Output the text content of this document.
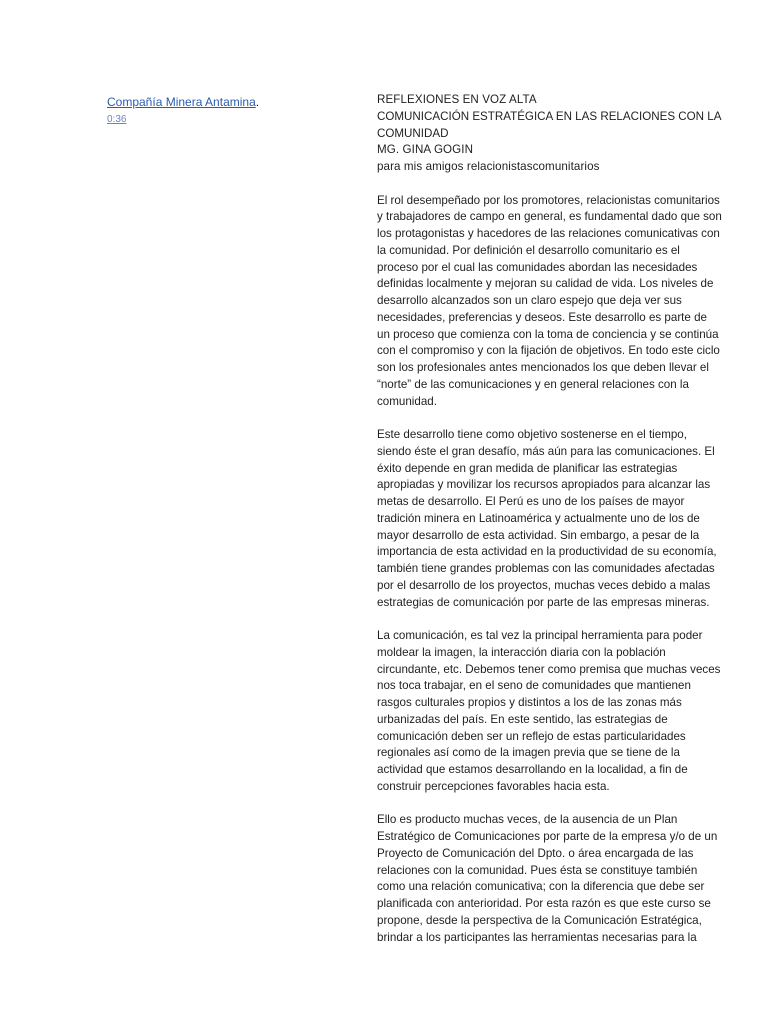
Compañía Minera Antamina.
0:36
REFLEXIONES EN VOZ ALTA
COMUNICACIÓN ESTRATÉGICA EN LAS RELACIONES CON LA COMUNIDAD
MG. GINA GOGIN
para mis amigos relacionistascomunitarios

El rol desempeñado por los promotores, relacionistas comunitarios y trabajadores de campo en general, es fundamental dado que son los protagonistas y hacedores de las relaciones comunicativas con la comunidad. Por definición el desarrollo comunitario es el proceso por el cual las comunidades abordan las necesidades definidas localmente y mejoran su calidad de vida. Los niveles de desarrollo alcanzados son un claro espejo que deja ver sus necesidades, preferencias y deseos. Este desarrollo es parte de un proceso que comienza con la toma de conciencia y se continúa con el compromiso y con la fijación de objetivos. En todo este ciclo son los profesionales antes mencionados los que deben llevar el “norte” de las comunicaciones y en general relaciones con la comunidad.

Este desarrollo tiene como objetivo sostenerse en el tiempo, siendo éste el gran desafío, más aún para las comunicaciones. El éxito depende en gran medida de planificar las estrategias apropiadas y movilizar los recursos apropiados para alcanzar las metas de desarrollo. El Perú es uno de los países de mayor tradición minera en Latinoamérica y actualmente uno de los de mayor desarrollo de esta actividad. Sin embargo, a pesar de la importancia de esta actividad en la productividad de su economía, también tiene grandes problemas con las comunidades afectadas por el desarrollo de los proyectos, muchas veces debido a malas estrategias de comunicación por parte de las empresas mineras.

La comunicación, es tal vez la principal herramienta para poder moldear la imagen, la interacción diaria con la población circundante, etc. Debemos tener como premisa que muchas veces nos toca trabajar, en el seno de comunidades que mantienen rasgos culturales propios y distintos a los de las zonas más urbanizadas del país. En este sentido, las estrategias de comunicación deben ser un reflejo de estas particularidades regionales así como de la imagen previa que se tiene de la actividad que estamos desarrollando en la localidad, a fin de construir percepciones favorables hacia esta.

Ello es producto muchas veces, de la ausencia de un Plan Estratégico de Comunicaciones por parte de la empresa y/o de un Proyecto de Comunicación del Dpto. o área encargada de las relaciones con la comunidad. Pues ésta se constituye también como una relación comunicativa; con la diferencia que debe ser planificada con anterioridad. Por esta razón es que este curso se propone, desde la perspectiva de la Comunicación Estratégica, brindar a los participantes las herramientas necesarias para la
